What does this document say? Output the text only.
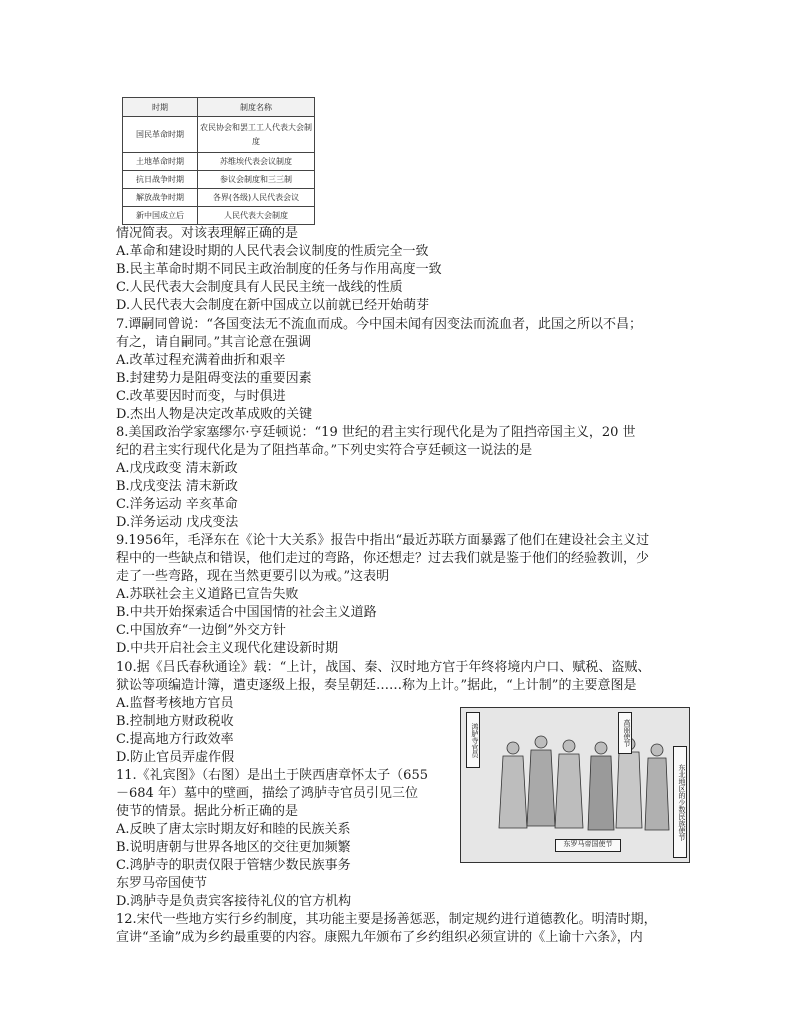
时期	制度名称
国民革命时期	农民协会和罢工工人代表大会制度
土地革命时期	苏维埃代表会议制度
抗日战争时期	参议会制度和三三制
解放战争时期	各界(各级)人民代表会议
新中国成立后	人民代表大会制度
情况简表。对该表理解正确的是
A.革命和建设时期的人民代表会议制度的性质完全一致
B.民主革命时期不同民主政治制度的任务与作用高度一致
C.人民代表大会制度具有人民民主统一战线的性质
D.人民代表大会制度在新中国成立以前就已经开始萌芽
7.谭嗣同曾说：“各国变法无不流血而成。今中国未闻有因变法而流血者，此国之所以不昌；
有之，请自嗣同。”其言论意在强调
A.改革过程充满着曲折和艰辛
B.封建势力是阻碍变法的重要因素
C.改革要因时而变，与时俱进
D.杰出人物是决定改革成败的关键
8.美国政治学家塞缪尔·亨廷顿说：“19 世纪的君主实行现代化是为了阻挡帝国主义，20 世
纪的君主实行现代化是为了阻挡革命。”下列史实符合亨廷顿这一说法的是
A.戊戌政变 清末新政
B.戊戌变法 清末新政
C.洋务运动 辛亥革命
D.洋务运动 戊戌变法
9.1956年，毛泽东在《论十大关系》报告中指出“最近苏联方面暴露了他们在建设社会主义过
程中的一些缺点和错误，他们走过的弯路，你还想走？过去我们就是鉴于他们的经验教训，少
走了一些弯路，现在当然更要引以为戒。”这表明
A.苏联社会主义道路已宣告失败
B.中共开始探索适合中国国情的社会主义道路
C.中国放弃“一边倒”外交方针
D.中共开启社会主义现代化建设新时期
10.据《吕氏春秋通诠》载：“上计，战国、秦、汉时地方官于年终将境内户口、赋税、盗贼、
狱讼等项编造计簿，遣吏逐级上报，奏呈朝廷……称为上计。”据此，“上计制”的主要意图是
A.监督考核地方官员
B.控制地方财政税收
C.提高地方行政效率
D.防止官员弄虚作假
11.《礼宾图》（右图）是出土于陕西唐章怀太子（655
－684 年）墓中的壁画，描绘了鸿胪寺官员引见三位
使节的情景。据此分析正确的是
A.反映了唐太宗时期友好和睦的民族关系
B.说明唐朝与世界各地区的交往更加频繁
C.鸿胪寺的职责仅限于管辖少数民族事务
东罗马帝国使节
D.鸿胪寺是负责宾客接待礼仪的官方机构
12.宋代一些地方实行乡约制度，其功能主要是扬善惩恶，制定规约进行道德教化。明清时期，
宣讲“圣谕”成为乡约最重要的内容。康熙九年颁布了乡约组织必须宣讲的《上谕十六条》，内
鸿胪寺官员	高丽使节
东北地区的少数民族使节
东罗马帝国使节
